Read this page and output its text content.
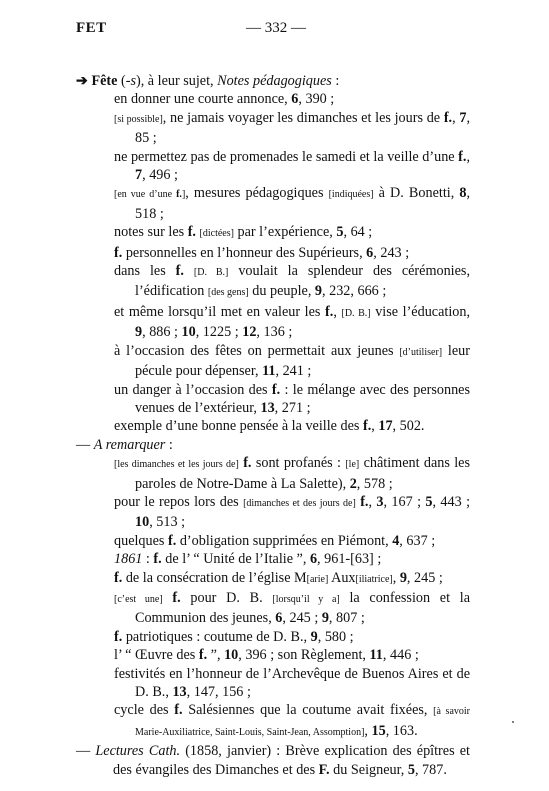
FET	— 332 —
➔ Fête (-s), à leur sujet, Notes pédagogiques :
en donner une courte annonce, 6, 390 ;
[si possible], ne jamais voyager les dimanches et les jours de f., 7, 85 ;
ne permettez pas de promenades le samedi et la veille d’une f., 7, 496 ;
[en vue d’une f.], mesures pédagogiques [indiquées] à D. Bonetti, 8, 518 ;
notes sur les f. [dictées] par l’expérience, 5, 64 ;
f. personnelles en l’honneur des Supérieurs, 6, 243 ;
dans les f. [D. B.] voulait la splendeur des cérémonies, l’édification [des gens] du peuple, 9, 232, 666 ;
et même lorsqu’il met en valeur les f., [D. B.] vise l’éducation, 9, 886 ; 10, 1225 ; 12, 136 ;
à l’occasion des fêtes on permettait aux jeunes [d’utiliser] leur pécule pour dépenser, 11, 241 ;
un danger à l’occasion des f. : le mélange avec des personnes venues de l’extérieur, 13, 271 ;
exemple d’une bonne pensée à la veille des f., 17, 502.
— A remarquer :
[les dimanches et les jours de] f. sont profanés : [le] châtiment dans les paroles de Notre-Dame à La Salette), 2, 578 ;
pour le repos lors des [dimanches et des jours de] f., 3, 167 ; 5, 443 ; 10, 513 ;
quelques f. d’obligation supprimées en Piémont, 4, 637 ;
1861 : f. de l’ “ Unité de l’Italie ”, 6, 961-[63] ;
f. de la consécration de l’église M[arie] Aux[iliatrice], 9, 245 ;
[c’est une] f. pour D. B. [lorsqu’il y a] la confession et la Communion des jeunes, 6, 245 ; 9, 807 ;
f. patriotiques : coutume de D. B., 9, 580 ;
l’ “ Œuvre des f. ”, 10, 396 ; son Règlement, 11, 446 ;
festivités en l’honneur de l’Archevêque de Buenos Aires et de D. B., 13, 147, 156 ;
cycle des f. Salésiennes que la coutume avait fixées, [à savoir Marie-Auxiliatrice, Saint-Louis, Saint-Jean, Assomption], 15, 163.
— Lectures Cath. (1858, janvier) : Brève explication des épîtres et des évangiles des Dimanches et des F. du Seigneur, 5, 787.
